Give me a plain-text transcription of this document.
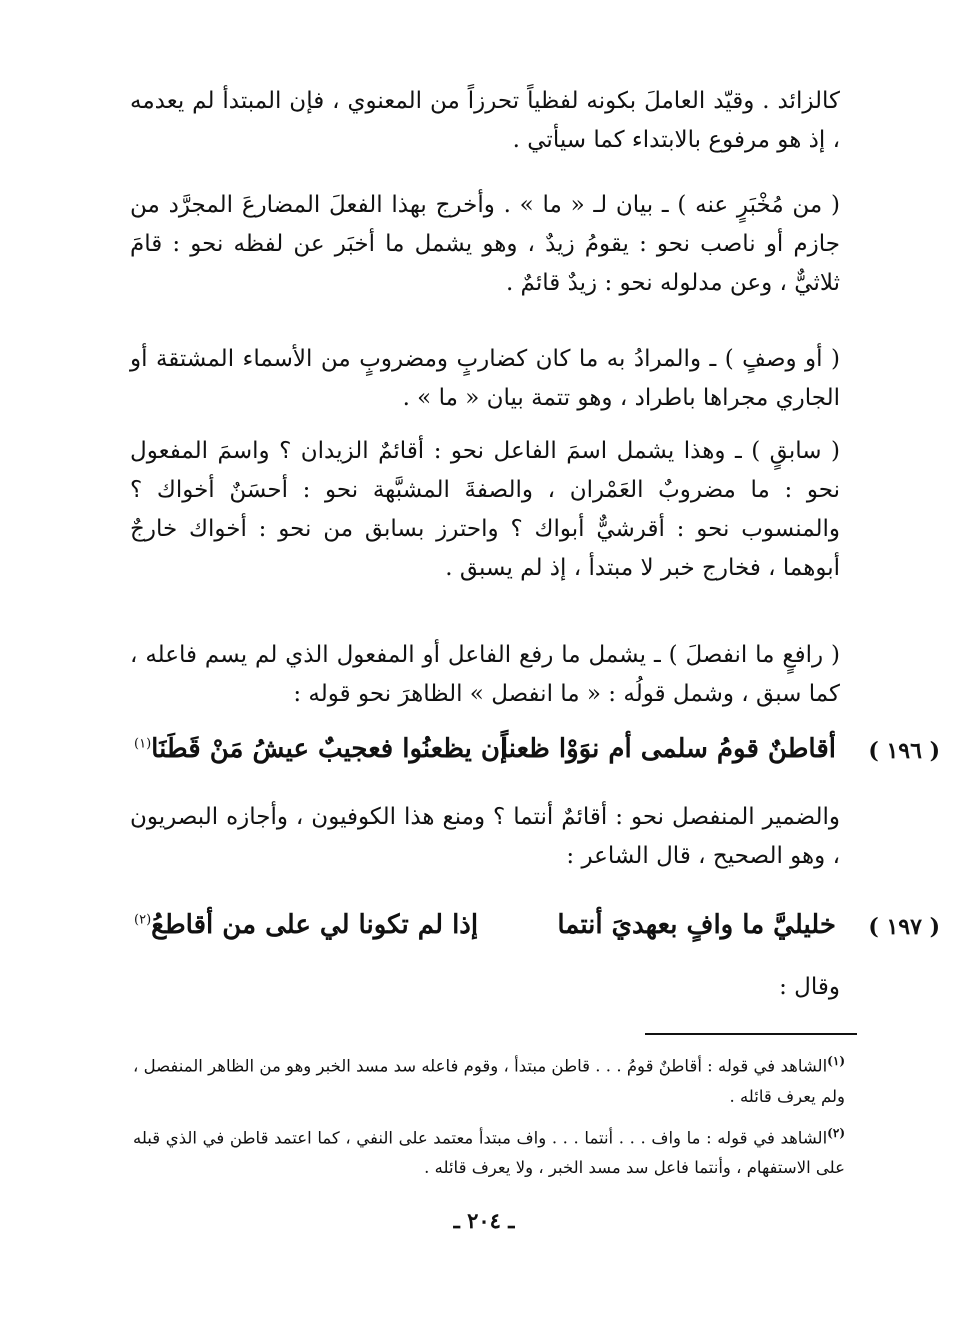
كالزائد . وقيّد العاملَ بكونه لفظياً تحرزاً من المعنوي ، فإن المبتدأ لم يعدمه ، إذ هو مرفوع بالابتداء كما سيأتي .

( من مُخْبَرٍ عنه ) ـ بيان لـ « ما » . وأخرج بهذا الفعلَ المضارعَ المجرَّد من جازم أو ناصب نحو : يقومُ زيدٌ ، وهو يشمل ما أخبَر عن لفظه نحو : قامَ ثلاثيٌّ ، وعن مدلوله نحو : زيدٌ قائمٌ .

( أو وصفٍ ) ـ والمرادُ به ما كان كضاربٍ ومضروبٍ من الأسماء المشتقة أو الجاري مجراها باطراد ، وهو تتمة بيان « ما » .

( سابقٍ ) ـ وهذا يشمل اسمَ الفاعل نحو : أقائمٌ الزيدان ؟ واسمَ المفعول نحو : ما مضروبٌ العَمْران ، والصفةَ المشبَّهة نحو : أحسَنٌ أخواك ؟ والمنسوب نحو : أقرشيٌّ أبواك ؟ واحترز بسابق من نحو : أخواك خارجٌ أبوهما ، فخارج خبر لا مبتدأ ، إذ لم يسبق .

( رافعٍ ما انفصلَ ) ـ يشمل ما رفع الفاعل أو المفعول الذي لم يسم فاعله ، كما سبق ، وشمل قولُه : « ما انفصل » الظاهرَ نحو قوله :

( ١٩٦ )
أقاطنٌ قومُ سلمى أم نوَوْا ظعناً
إن يظعنُوا فعجيبٌ عيشُ مَنْ قَطَنَا$^{(١)}$

والضمير المنفصل نحو : أقائمٌ أنتما ؟ ومنع هذا الكوفيون ، وأجازه البصريون ، وهو الصحيح ، قال الشاعر :

( ١٩٧ )
خليليَّ ما وافٍ بعهديَ أنتما
إذا لم تكونا لي على من أقاطعُ$^{(٢)}$

وقال :

$^{(١)}$الشاهد في قوله : أقاطنٌ قومُ . . . قاطن مبتدأ ، وقوم فاعله سد مسد الخبر وهو من الظاهر المنفصل ، ولم يعرف قائله .

$^{(٢)}$الشاهد في قوله : ما واف . . . أنتما . . . واف مبتدأ معتمد على النفي ، كما اعتمد قاطن في الذي قبله على الاستفهام ، وأنتما فاعل سد مسد الخبر ، ولا يعرف قائله .

ـ ٢٠٤ ـ
